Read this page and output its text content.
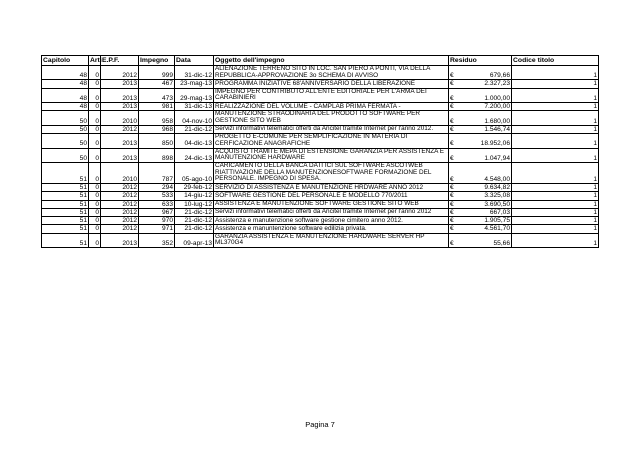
Capitolo	Arti	E.P.F.	Impegno	Data	Oggetto dell'impegno	Residuo		Codice titolo
48	0	2012	999	31-dic-12	ALIENAZIONE TERRENO SITO IN LOC. SAN PIERO A PONTI, VIA DELLA REPUBBLICA-APPROVAZIONE 3o SCHEMA DI AVVISO	€	679,66	1
48	0	2013	467	23-mag-13	PROGRAMMA INIZIATIVE 68'ANNIVERSARIO DELLA LIBERAZIONE	€	2.327,23	1
48	0	2013	473	29-mag-13	IMPEGNO PER CONTRIBUTO ALL'ENTE EDITORIALE PER L'ARMA DEI CARABINIERI	€	1.000,00	1
48	0	2013	981	31-dic-13	REALIZZAZIONE DEL VOLUME - CAMPLAB PRIMA FERMATA -	€	7.200,00	1
50	0	2010	958	04-nov-10	MANUTENZIONE STRAODINARIA DEL PRODOTTO SOFTWARE PER GESTIONE SITO WEB	€	1.680,00	1
50	0	2012	968	21-dic-12	Servizi informativi telematici offerti da Ancitel tramite Internet per l'anno 2012.	€	1.546,74	1
50	0	2013	850	04-dic-13	PROGETTO E-COMUNE PER SEMPLIFICAZIONE IN MATERIA DI CERFICAZIONE ANAGRAFICHE	€	18.952,06	1
50	0	2013	898	24-dic-13	ACQUISTO TRAMITE MEPA DI ESTENSIONE GARANZIA PER ASSISTENZA E MANUTENZIONE HARDWARE	€	1.047,94	1
51	0	2010	787	05-ago-10	CARICAMENTO DELLA BANCA DATI ICI SUL SOFTWARE ASCOTWEB RIATTIVAZIONE DELLA MANUTENZIONESOFTWARE FORMAZIONE DEL PERSONALE. IMPEGNO DI SPESA.	€	4.548,00	1
51	0	2012	294	29-feb-12	SERVIZIO DI ASSISTENZA E MANUTENZIONE HRDWARE ANNO 2012	€	9.634,82	1
51	0	2012	533	14-giu-12	SOFTWARE GESTIONE DEL PERSONALE E MODELLO 770/2011	€	3.325,08	1
51	0	2012	633	10-lug-12	ASSISTENZA E MANUTENZIONE SOFTWARE GESTIONE SITO WEB	€	3.690,50	1
51	0	2012	967	21-dic-12	Servizi informativi telematici offerti da Ancitel tramite Internet per l'anno 2012	€	667,03	1
51	0	2012	970	21-dic-12	Assistenza e manutenzione software gestione cimitero anno 2012.	€	1.905,75	1
51	0	2012	971	21-dic-12	Assistenza e manuntenzione software edilizia privata.	€	4.561,70	1
51	0	2013	352	09-apr-13	GARANZIA ASSISTENZA E MANUTENZIONE HARDWARE SERVER HP ML370G4	€	55,66	1
Pagina 7
